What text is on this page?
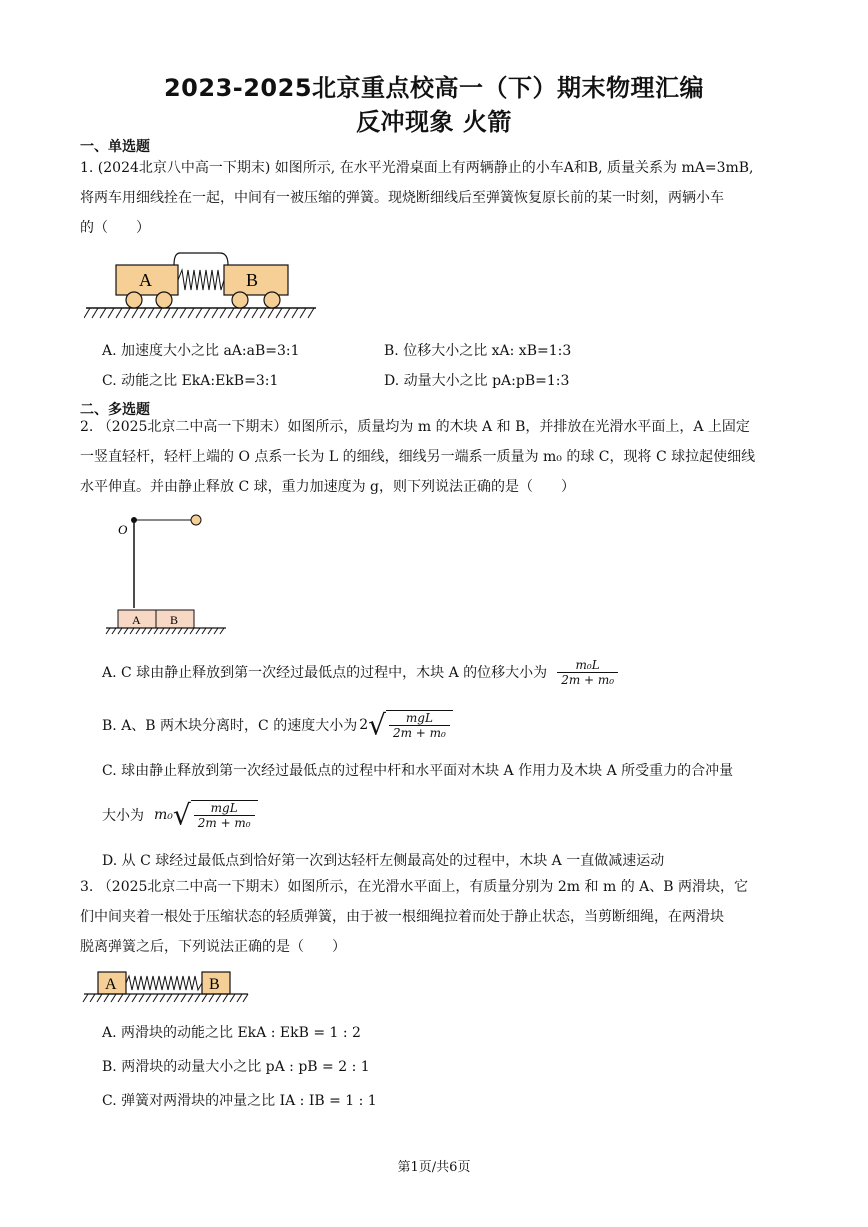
2023-2025北京重点校高一（下）期末物理汇编
反冲现象 火箭
一、单选题
1. (2024北京八中高一下期末) 如图所示, 在水平光滑桌面上有两辆静止的小车A和B, 质量关系为 mA=3mB,
将两车用细线拴在一起，中间有一被压缩的弹簧。现烧断细线后至弹簧恢复原长前的某一时刻，两辆小车
的（　　）
A	B
A. 加速度大小之比 aA:aB=3:1	B. 位移大小之比 xA: xB=1:3
C. 动能之比 EkA:EkB=3:1	D. 动量大小之比 pA:pB=1:3
二、多选题
2. （2025北京二中高一下期末）如图所示，质量均为 m 的木块 A 和 B，并排放在光滑水平面上，A 上固定
一竖直轻杆，轻杆上端的 O 点系一长为 L 的细线，细线另一端系一质量为 m₀ 的球 C，现将 C 球拉起使细线
水平伸直。并由静止释放 C 球，重力加速度为 g，则下列说法正确的是（　　）
O
A B
A. C 球由静止释放到第一次经过最低点的过程中，木块 A 的位移大小为 $\frac{\text{m₀L}}{\text{2m + m₀}}$
B. A、B 两木块分离时，C 的速度大小为 2 √ $\frac{\text{mgL}}{\text{2m + m₀}}$
C. 球由静止释放到第一次经过最低点的过程中杆和水平面对木块 A 作用力及木块 A 所受重力的合冲量
大小为 m₀ √ $\frac{\text{mgL}}{\text{2m + m₀}}$
D. 从 C 球经过最低点到恰好第一次到达轻杆左侧最高处的过程中，木块 A 一直做减速运动
3. （2025北京二中高一下期末）如图所示，在光滑水平面上，有质量分别为 2m 和 m 的 A、B 两滑块，它
们中间夹着一根处于压缩状态的轻质弹簧，由于被一根细绳拉着而处于静止状态，当剪断细绳，在两滑块
脱离弹簧之后，下列说法正确的是（　　）
A	B
A. 两滑块的动能之比 EkA : EkB = 1 : 2
B. 两滑块的动量大小之比 pA : pB = 2 : 1
C. 弹簧对两滑块的冲量之比 IA : IB = 1 : 1
第1页/共6页
